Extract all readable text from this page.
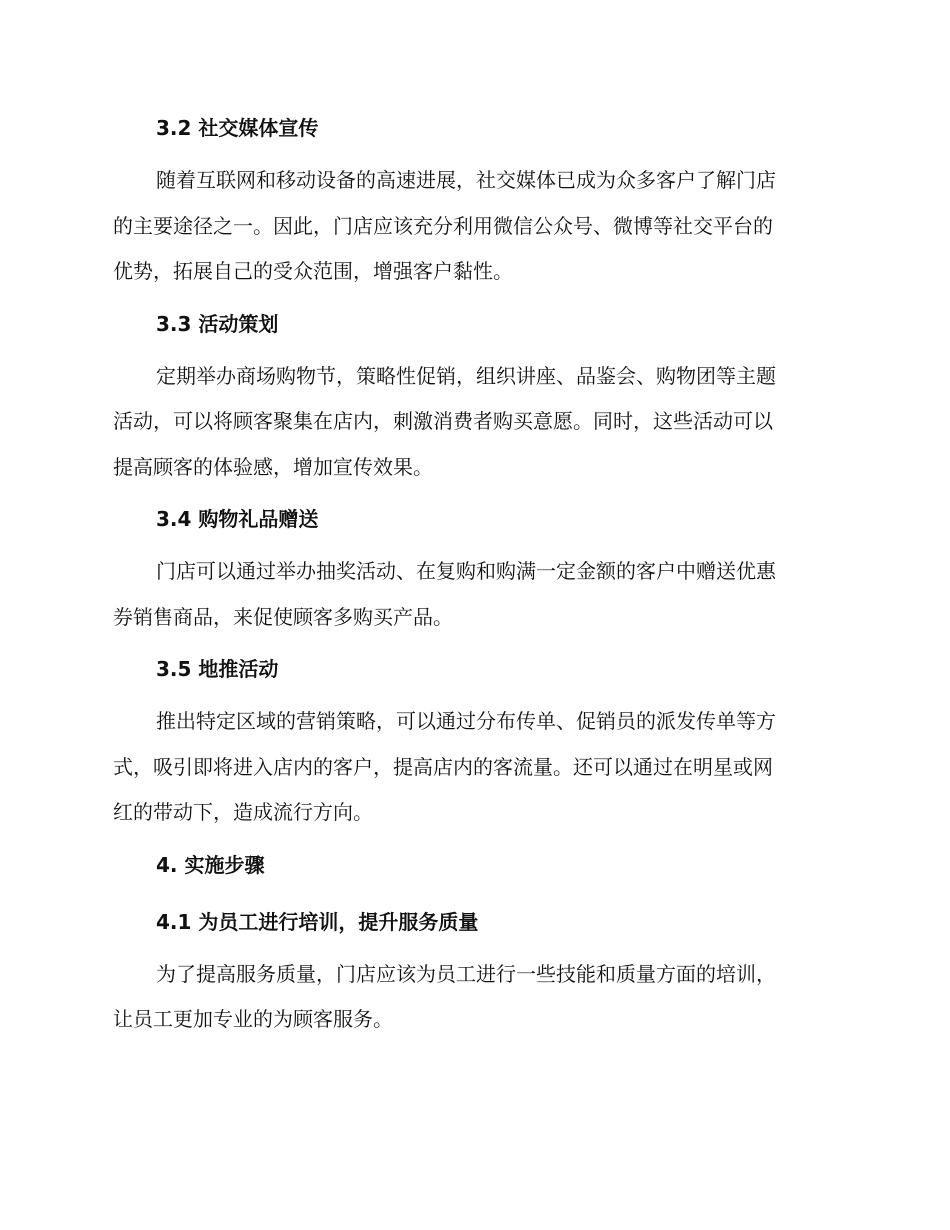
3.2 社交媒体宣传

随着互联网和移动设备的高速进展，社交媒体已成为众多客户了解门店
的主要途径之一。因此，门店应该充分利用微信公众号、微博等社交平台的
优势，拓展自己的受众范围，增强客户黏性。

3.3 活动策划

定期举办商场购物节，策略性促销，组织讲座、品鉴会、购物团等主题
活动，可以将顾客聚集在店内，刺激消费者购买意愿。同时，这些活动可以
提高顾客的体验感，增加宣传效果。

3.4 购物礼品赠送

门店可以通过举办抽奖活动、在复购和购满一定金额的客户中赠送优惠
券销售商品，来促使顾客多购买产品。

3.5 地推活动

推出特定区域的营销策略，可以通过分布传单、促销员的派发传单等方
式，吸引即将进入店内的客户，提高店内的客流量。还可以通过在明星或网
红的带动下，造成流行方向。

4. 实施步骤
4.1 为员工进行培训，提升服务质量

为了提高服务质量，门店应该为员工进行一些技能和质量方面的培训，
让员工更加专业的为顾客服务。
